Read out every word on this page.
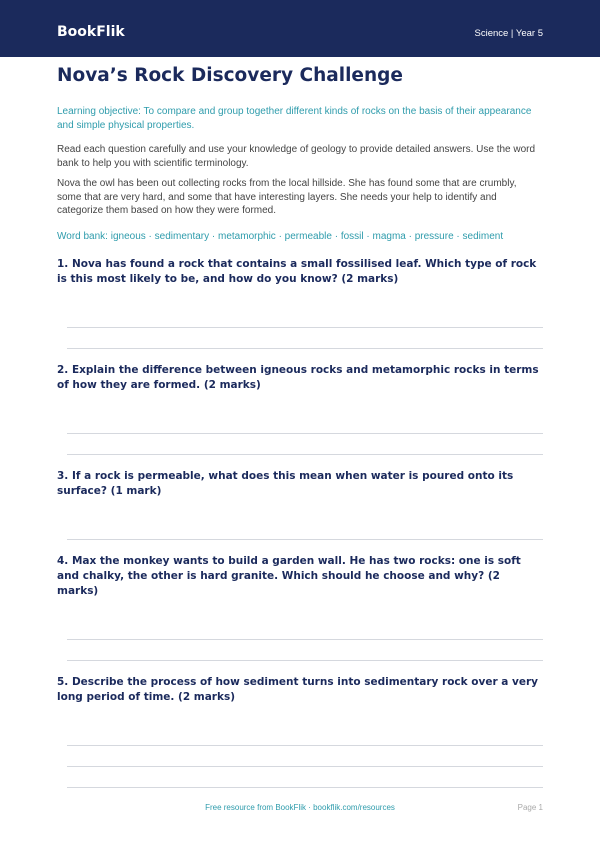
BookFlik	Science | Year 5
Nova’s Rock Discovery Challenge

Learning objective: To compare and group together different kinds of rocks on the basis of their appearance and simple physical properties.

Read each question carefully and use your knowledge of geology to provide detailed answers. Use the word bank to help you with scientific terminology.

Nova the owl has been out collecting rocks from the local hillside. She has found some that are crumbly, some that are very hard, and some that have interesting layers. She needs your help to identify and categorize them based on how they were formed.

Word bank: igneous · sedimentary · metamorphic · permeable · fossil · magma · pressure · sediment

1. Nova has found a rock that contains a small fossilised leaf. Which type of rock is this most likely to be, and how do you know? (2 marks)
2. Explain the difference between igneous rocks and metamorphic rocks in terms of how they are formed. (2 marks)
3. If a rock is permeable, what does this mean when water is poured onto its surface? (1 mark)
4. Max the monkey wants to build a garden wall. He has two rocks: one is soft and chalky, the other is hard granite. Which should he choose and why? (2 marks)
5. Describe the process of how sediment turns into sedimentary rock over a very long period of time. (2 marks)
Free resource from BookFlik · bookflik.com/resources	Page 1
